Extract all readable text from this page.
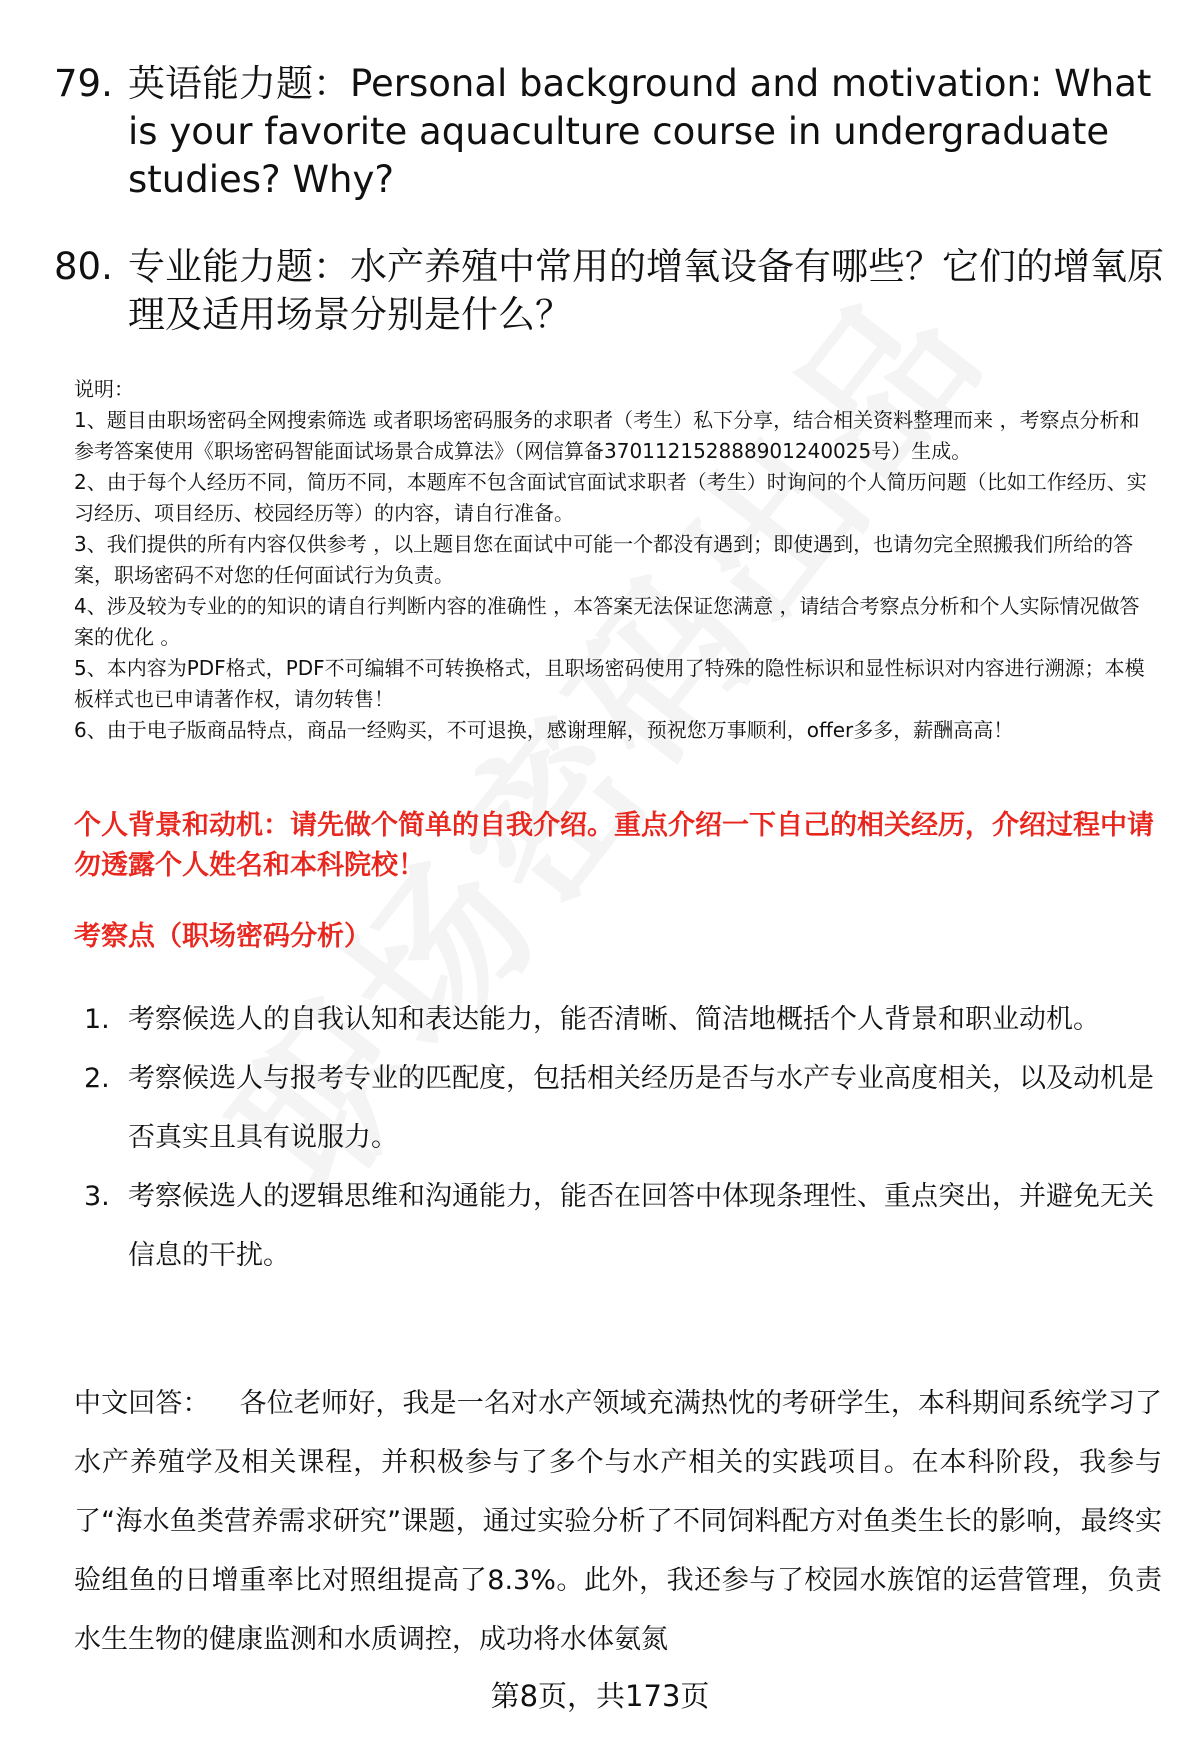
79. 英语能力题：Personal background and motivation: What is your favorite aquaculture course in undergraduate studies? Why?
80. 专业能力题：水产养殖中常用的增氧设备有哪些？它们的增氧原理及适用场景分别是什么？

说明：

1、题目由职场密码全网搜索筛选 或者职场密码服务的求职者（考生）私下分享，结合相关资料整理而来 ，考察点分析和参考答案使用《职场密码智能面试场景合成算法》（网信算备370112152888901240025号）生成。

2、由于每个人经历不同，简历不同，本题库不包含面试官面试求职者（考生）时询问的个人简历问题（比如工作经历、实习经历、项目经历、校园经历等）的内容，请自行准备。

3、我们提供的所有内容仅供参考 ，以上题目您在面试中可能一个都没有遇到；即使遇到，也请勿完全照搬我们所给的答案，职场密码不对您的任何面试行为负责。

4、涉及较为专业的的知识的请自行判断内容的准确性 ，本答案无法保证您满意 ，请结合考察点分析和个人实际情况做答案的优化 。

5、本内容为PDF格式，PDF不可编辑不可转换格式，且职场密码使用了特殊的隐性标识和显性标识对内容进行溯源；本模板样式也已申请著作权，请勿转售！

6、由于电子版商品特点，商品一经购买，不可退换，感谢理解，预祝您万事顺利，offer多多，薪酬高高！

个人背景和动机：请先做个简单的自我介绍。重点介绍一下自己的相关经历，介绍过程中请勿透露个人姓名和本科院校！
考察点（职场密码分析）
1. 考察候选人的自我认知和表达能力，能否清晰、简洁地概括个人背景和职业动机。
2. 考察候选人与报考专业的匹配度，包括相关经历是否与水产专业高度相关，以及动机是否真实且具有说服力。
3. 考察候选人的逻辑思维和沟通能力，能否在回答中体现条理性、重点突出，并避免无关信息的干扰。
中文回答： 各位老师好，我是一名对水产领域充满热忱的考研学生，本科期间系统学习了水产养殖学及相关课程，并积极参与了多个与水产相关的实践项目。在本科阶段，我参与了“海水鱼类营养需求研究”课题，通过实验分析了不同饲料配方对鱼类生长的影响，最终实验组鱼的日增重率比对照组提高了8.3%。此外，我还参与了校园水族馆的运营管理，负责水生生物的健康监测和水质调控，成功将水体氨氮
第8页，共173页
